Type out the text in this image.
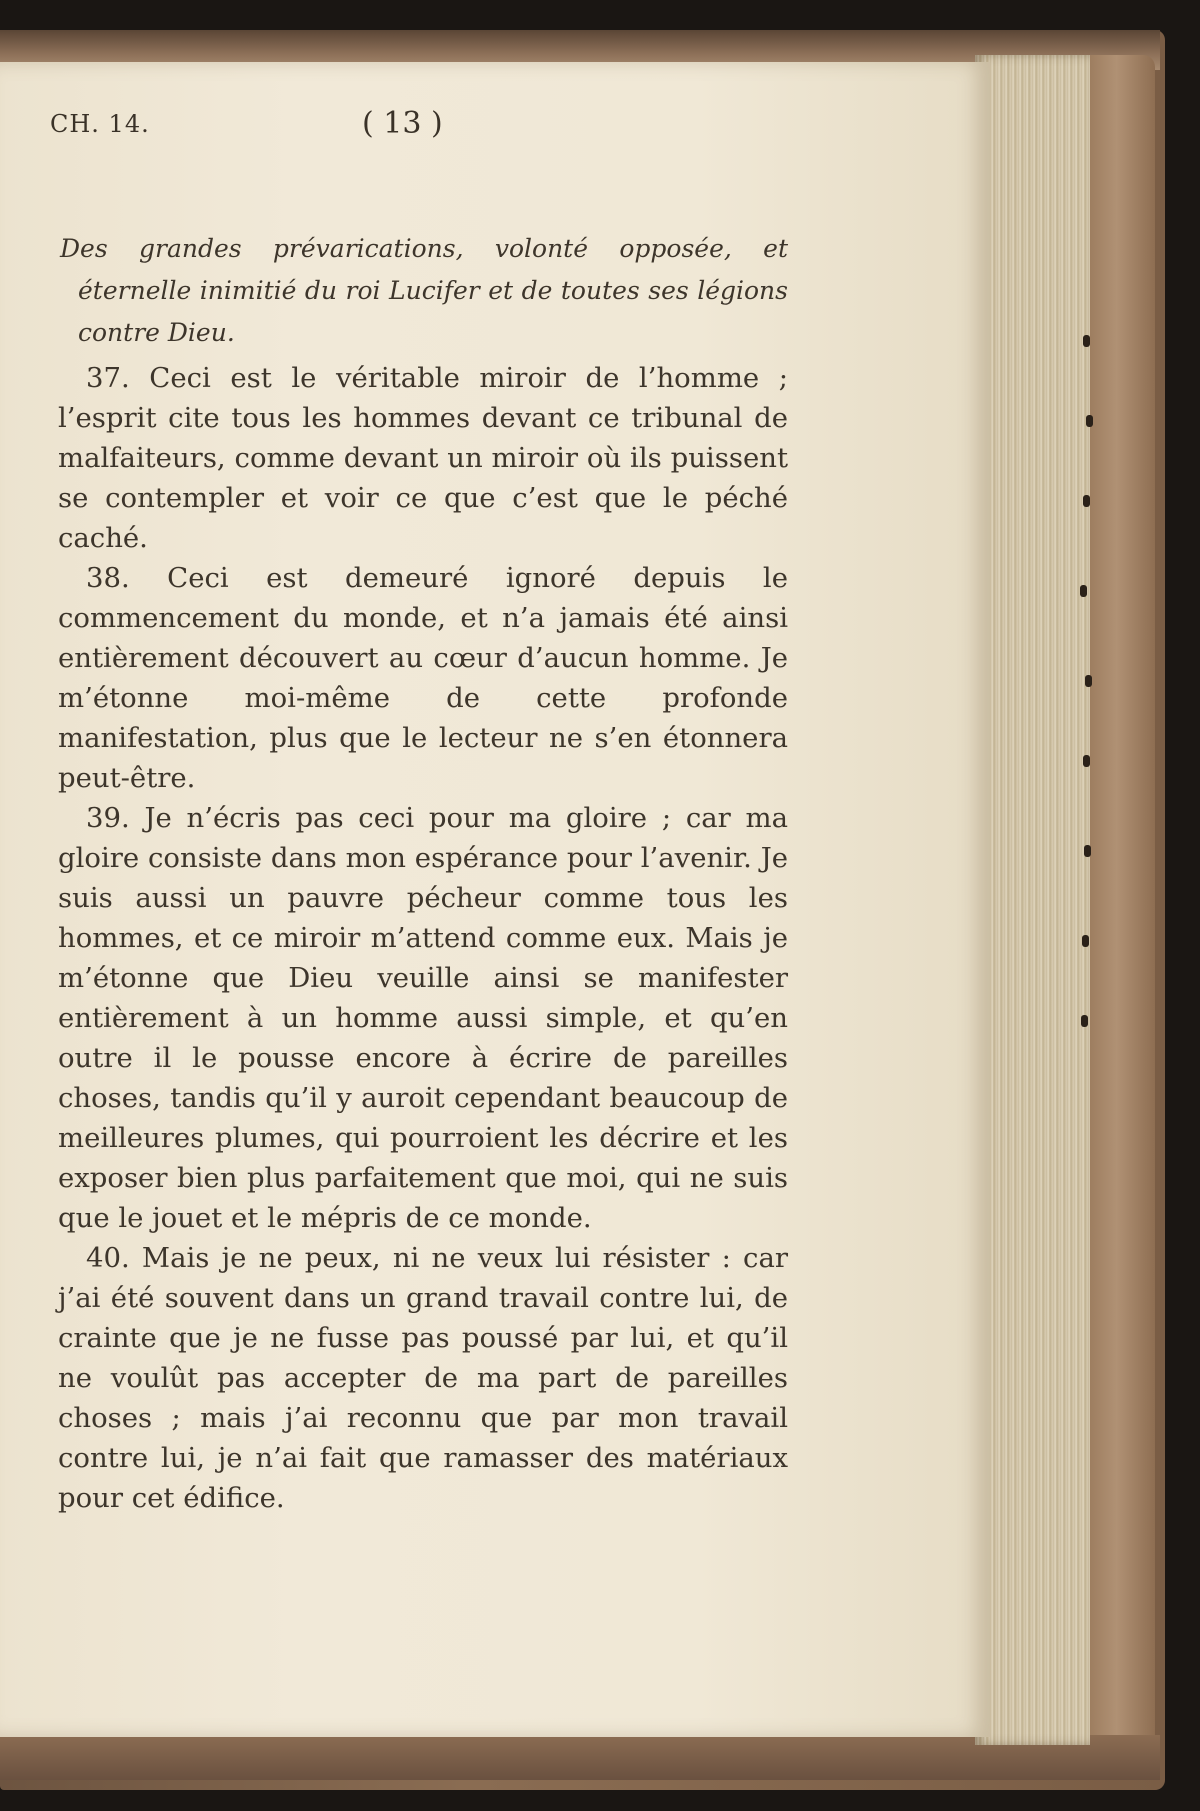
CH. 14.	( 13 )

Des grandes prévarications, volonté opposée, et éternelle inimitié du roi Lucifer et de toutes ses légions contre Dieu.

37. Ceci est le véritable miroir de l’homme ; l’esprit cite tous les hommes devant ce tribunal de malfaiteurs, comme devant un miroir où ils puissent se contempler et voir ce que c’est que le péché caché.

38. Ceci est demeuré ignoré depuis le commencement du monde, et n’a jamais été ainsi entièrement découvert au cœur d’aucun homme. Je m’étonne moi-même de cette profonde manifestation, plus que le lecteur ne s’en étonnera peut-être.

39. Je n’écris pas ceci pour ma gloire ; car ma gloire consiste dans mon espérance pour l’avenir. Je suis aussi un pauvre pécheur comme tous les hommes, et ce miroir m’attend comme eux. Mais je m’étonne que Dieu veuille ainsi se manifester entièrement à un homme aussi simple, et qu’en outre il le pousse encore à écrire de pareilles choses, tandis qu’il y auroit cependant beaucoup de meilleures plumes, qui pourroient les décrire et les exposer bien plus parfaitement que moi, qui ne suis que le jouet et le mépris de ce monde.

40. Mais je ne peux, ni ne veux lui résister : car j’ai été souvent dans un grand travail contre lui, de crainte que je ne fusse pas poussé par lui, et qu’il ne voulût pas accepter de ma part de pareilles choses ; mais j’ai reconnu que par mon travail contre lui, je n’ai fait que ramasser des matériaux pour cet édifice.
